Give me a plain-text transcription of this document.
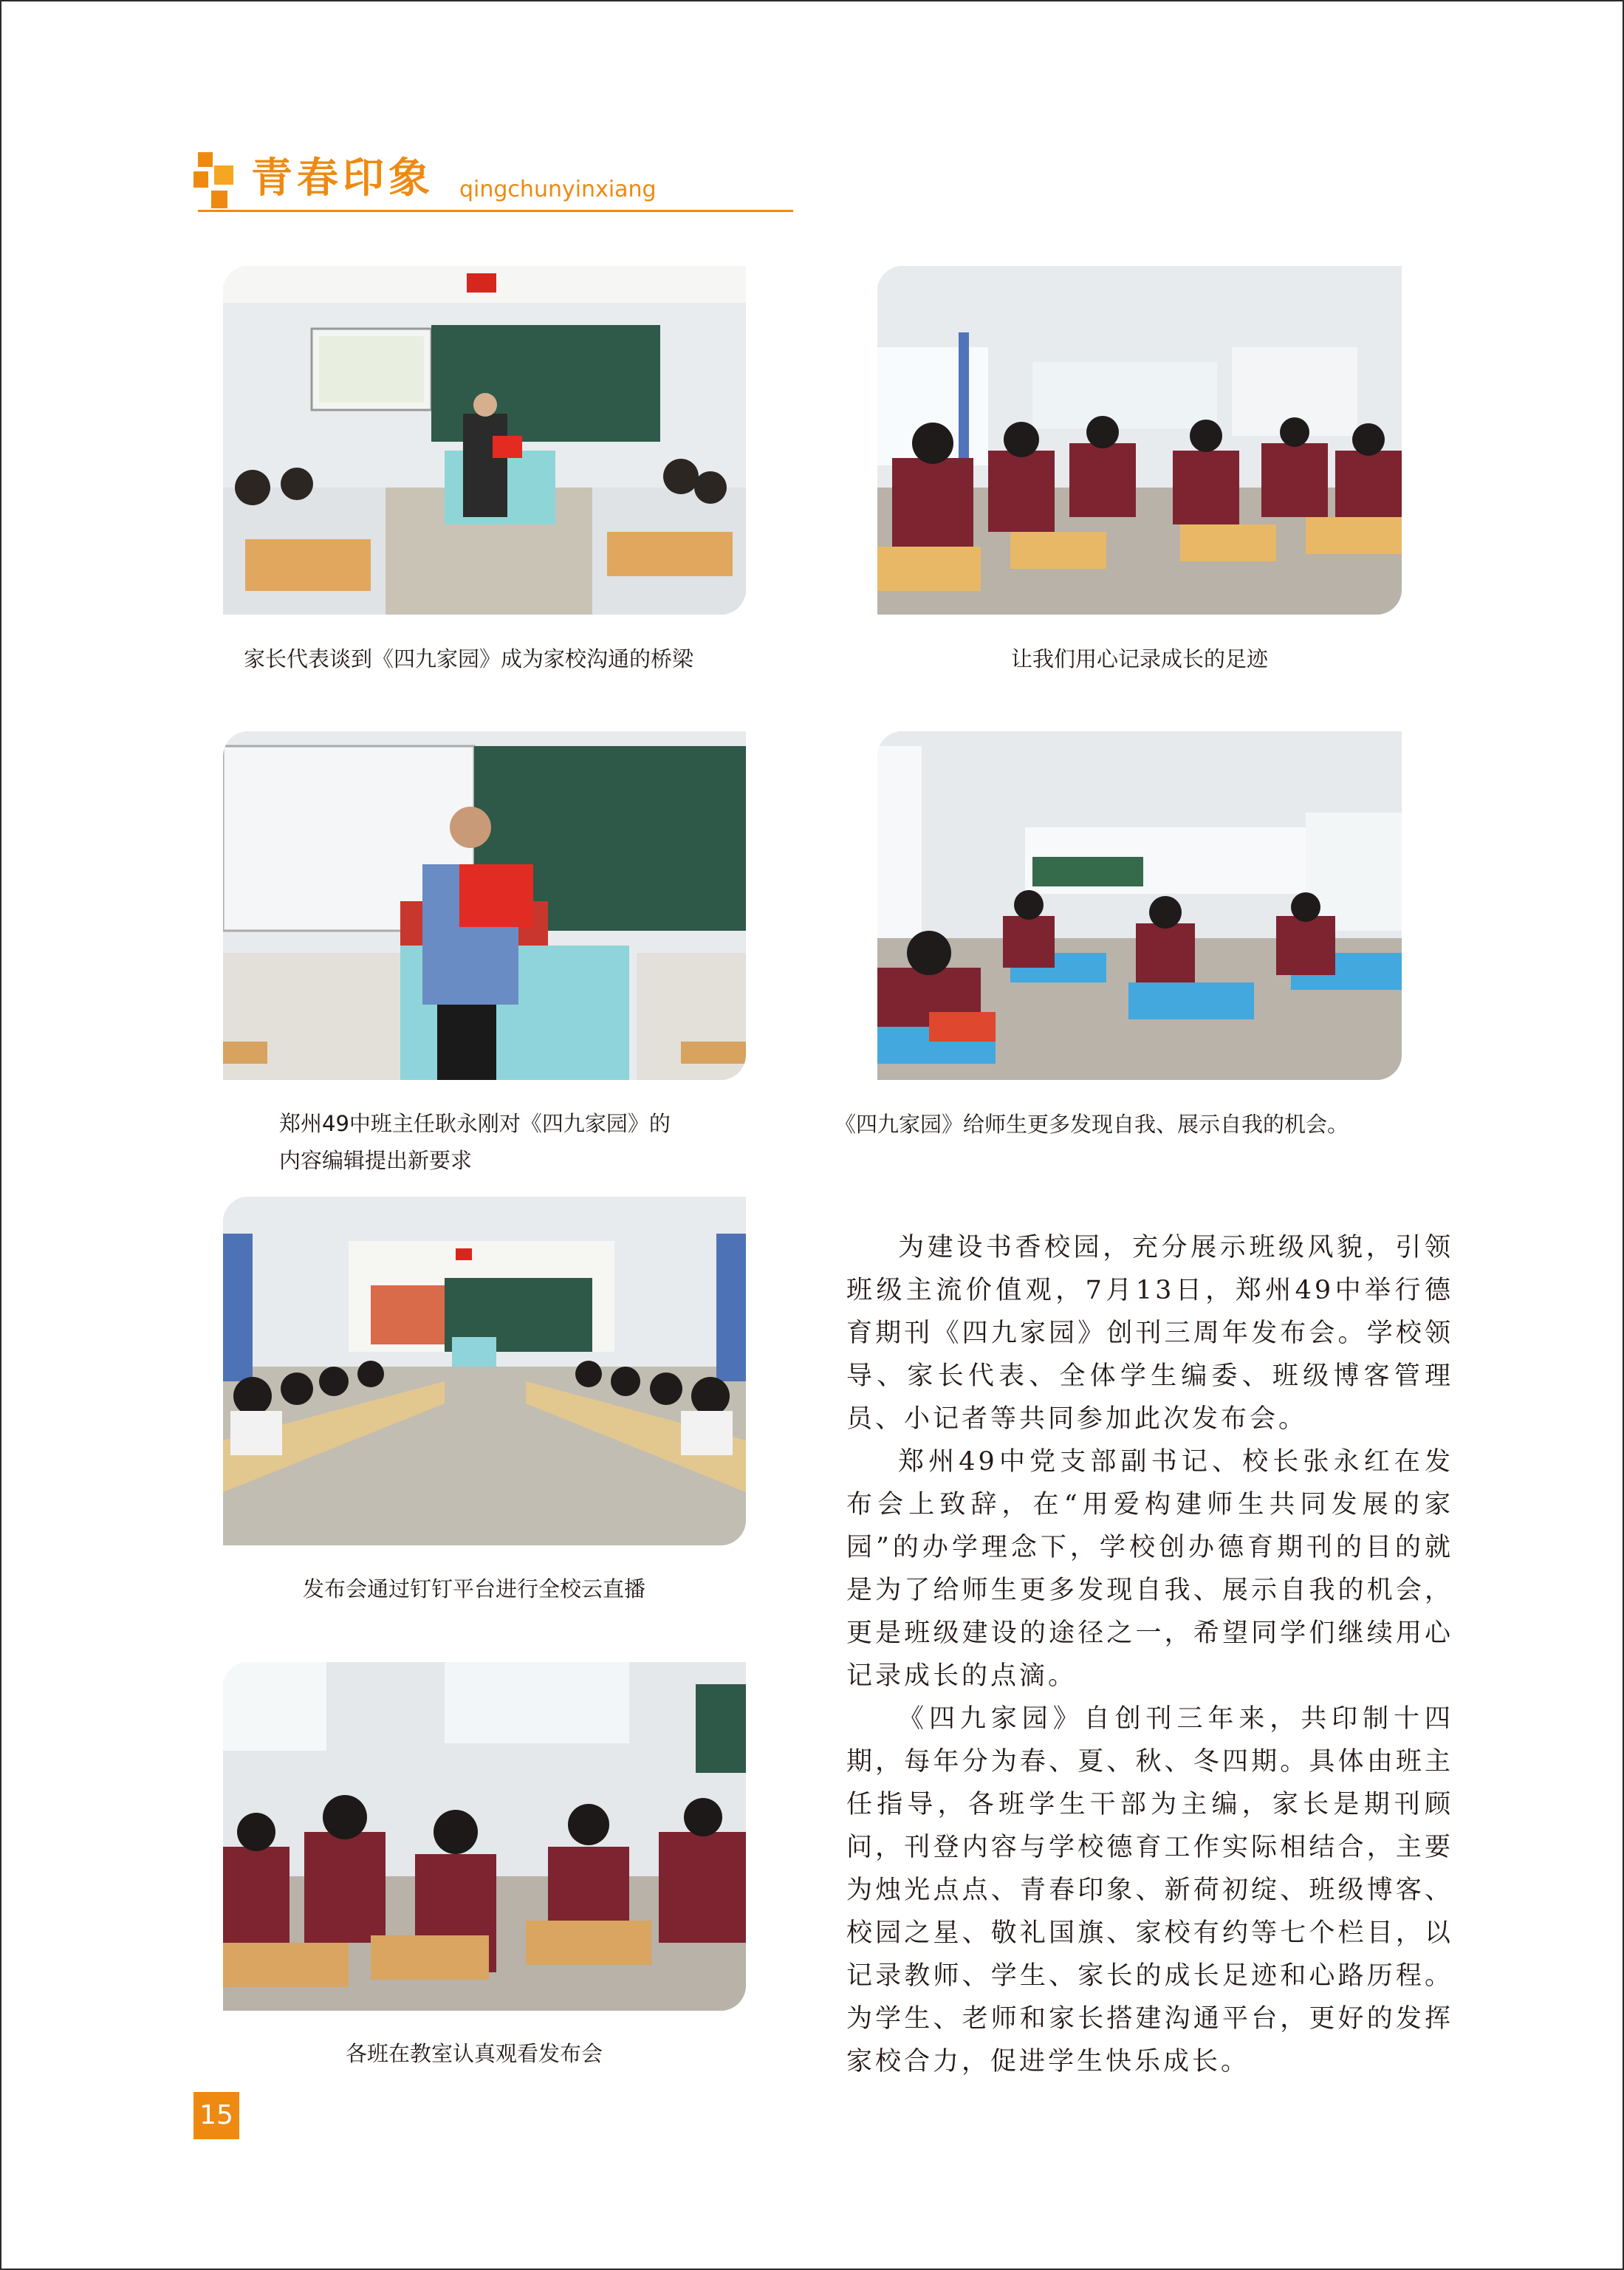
青春印象 qingchunyinxiang
家长代表谈到《四九家园》成为家校沟通的桥梁	让我们用心记录成长的足迹
郑州49中班主任耿永刚对《四九家园》的
内容编辑提出新要求
《四九家园》给师生更多发现自我、展示自我的机会。
发布会通过钉钉平台进行全校云直播
各班在教室认真观看发布会

为建设书香校园，充分展示班级风貌，引领班级主流价值观，7月13日，郑州49中举行德育期刊《四九家园》创刊三周年发布会。学校领导、家长代表、全体学生编委、班级博客管理员、小记者等共同参加此次发布会。

郑州49中党支部副书记、校长张永红在发布会上致辞，在“用爱构建师生共同发展的家园”的办学理念下，学校创办德育期刊的目的就是为了给师生更多发现自我、展示自我的机会，更是班级建设的途径之一，希望同学们继续用心记录成长的点滴。

《四九家园》自创刊三年来，共印制十四期，每年分为春、夏、秋、冬四期。具体由班主任指导，各班学生干部为主编，家长是期刊顾问，刊登内容与学校德育工作实际相结合，主要为烛光点点、青春印象、新荷初绽、班级博客、校园之星、敬礼国旗、家校有约等七个栏目，以记录教师、学生、家长的成长足迹和心路历程。为学生、老师和家长搭建沟通平台，更好的发挥家校合力，促进学生快乐成长。

15
